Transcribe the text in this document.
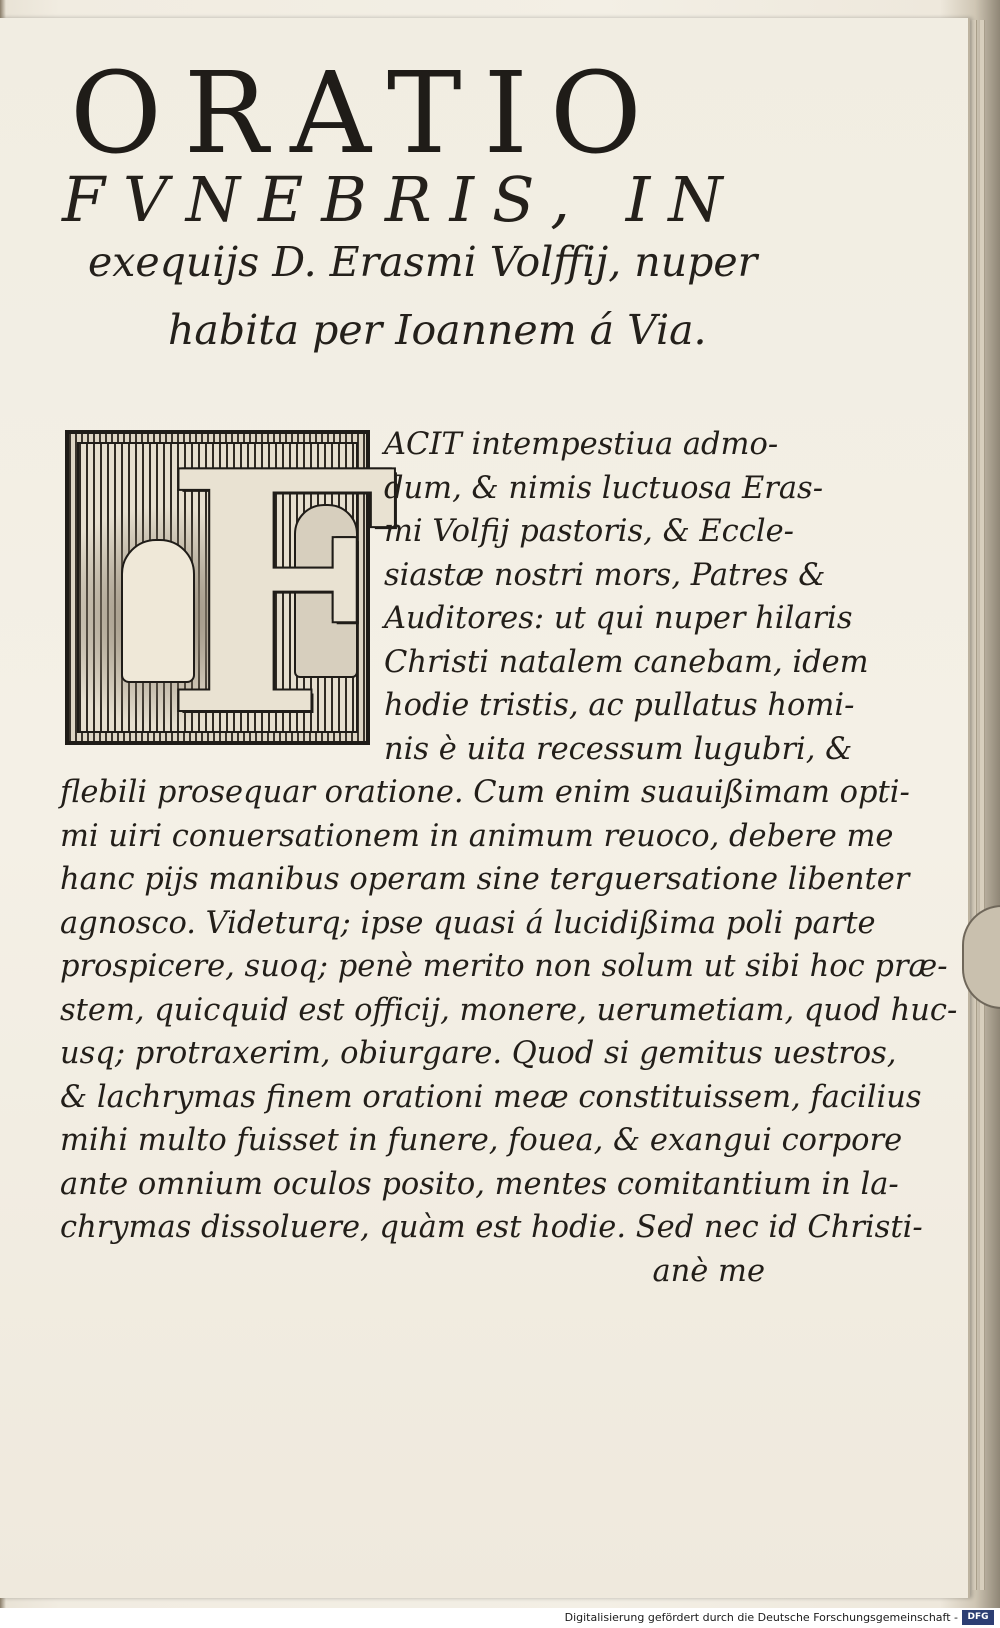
ORATIO
FVNEBRIS, IN
exequijs D. Erasmi Volffij, nuper
habita per Ioannem á Via.
F
ACIT intempestiua admo-
dum, & nimis luctuosa Eras-
mi Volfij pastoris, & Eccle-
siastæ nostri mors, Patres &
Auditores: ut qui nuper hilaris
Christi natalem canebam, idem
hodie tristis, ac pullatus homi-
nis è uita recessum lugubri, &
flebili prosequar oratione. Cum enim suauißimam opti-
mi uiri conuersationem in animum reuoco, debere me
hanc pijs manibus operam sine terguersatione libenter
agnosco. Videturq; ipse quasi á lucidißima poli parte
prospicere, suoq; penè merito non solum ut sibi hoc præ-
stem, quicquid est officij, monere, uerumetiam, quod huc-
usq; protraxerim, obiurgare. Quod si gemitus uestros,
& lachrymas finem orationi meæ constituissem, facilius
mihi multo fuisset in funere, fouea, & exangui corpore
ante omnium oculos posito, mentes comitantium in la-
chrymas dissoluere, quàm est hodie. Sed nec id Christi-
anè me
Digitalisierung gefördert durch die Deutsche Forschungsgemeinschaft -	DFG
